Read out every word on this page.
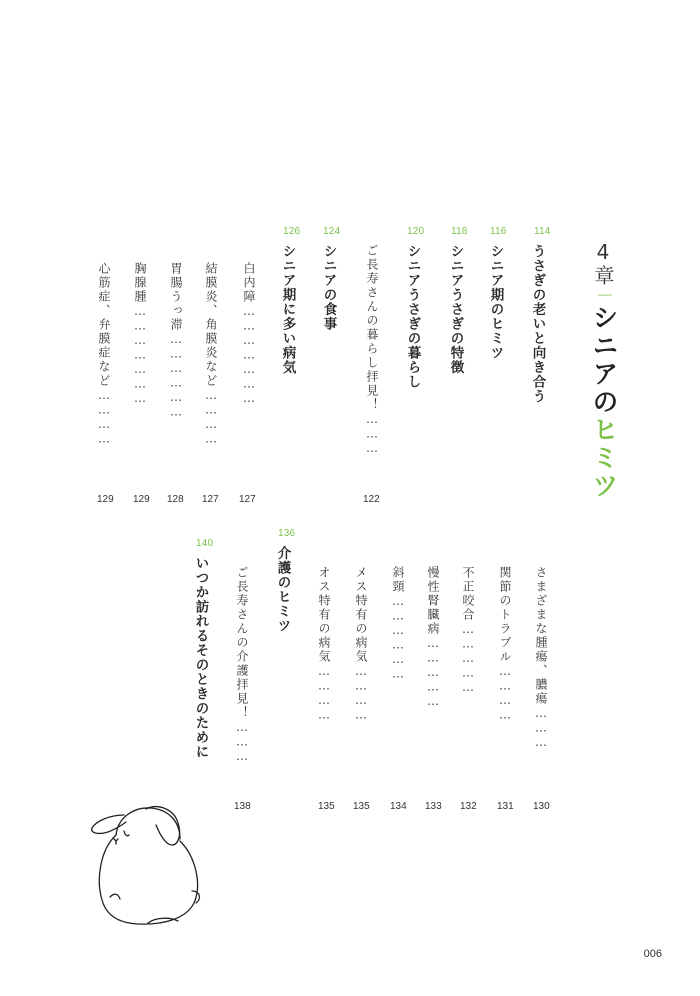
4章－シニアのヒミツ
114
116
118
120
124
126
うさぎの老いと向き合う
シニア期のヒミツ
シニアうさぎの特徴
シニアうさぎの暮らし
シニアの食事
シニア期に多い病気	ご長寿さんの暮らし拝見！………
白内障…………………
結膜炎、角膜炎など…………
胃腸うっ滞………………
胸腺腫…………………
心筋症、弁膜症など…………
122
127
127
128
129
129
さまざまな腫瘍、膿瘍………
関節のトラブル…………
不正咬合……………
慢性腎臓病……………
斜頸………………
メス特有の病気…………
オス特有の病気…………
ご長寿さんの介護拝見！………
136
介護のヒミツ
140
いつか訪れるそのときのために
130
131
132
133
134
135
135
138
006
